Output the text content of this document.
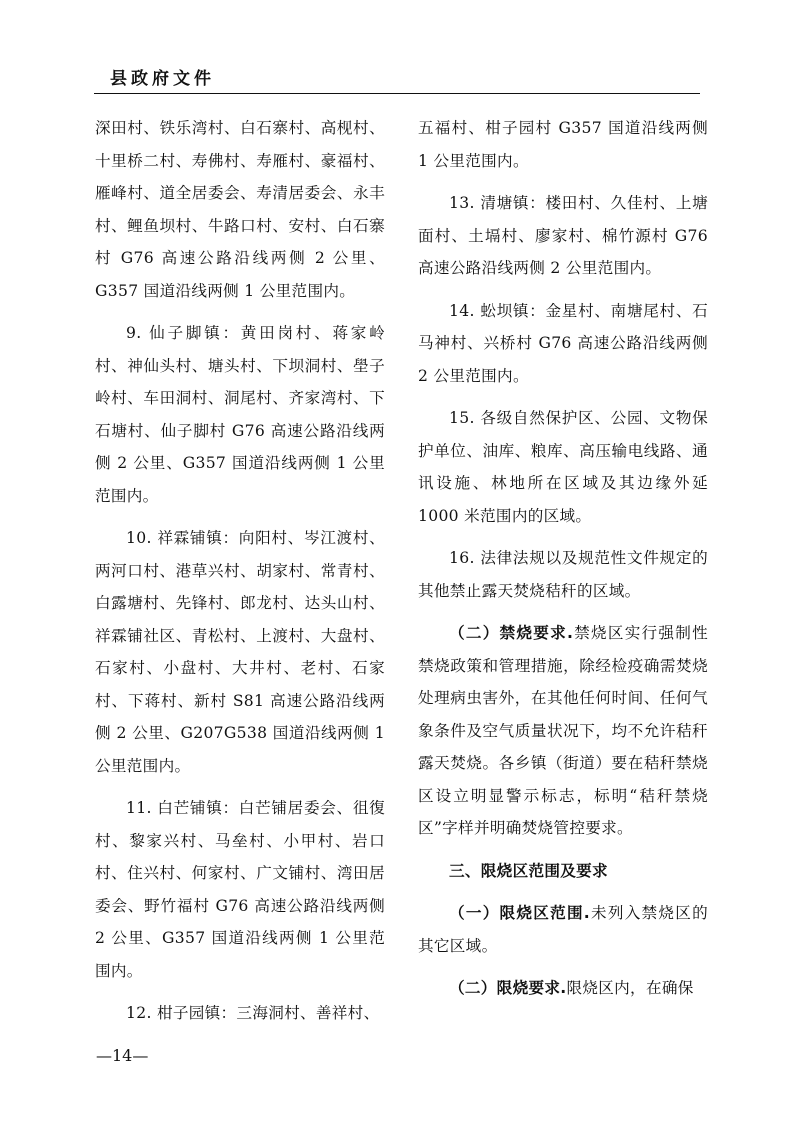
县政府文件

深田村、铁乐湾村、白石寨村、高枧村、十里桥二村、寿佛村、寿雁村、豪福村、雁峰村、道全居委会、寿清居委会、永丰村、鲤鱼坝村、牛路口村、安村、白石寨村 G76 高速公路沿线两侧 2 公里、G357 国道沿线两侧 1 公里范围内。

9. 仙子脚镇：黄田岗村、蒋家岭村、神仙头村、塘头村、下坝洞村、壆子岭村、车田洞村、洞尾村、齐家湾村、下石塘村、仙子脚村 G76 高速公路沿线两侧 2 公里、G357 国道沿线两侧 1 公里范围内。

10. 祥霖铺镇：向阳村、岑江渡村、两河口村、港草兴村、胡家村、常青村、白露塘村、先锋村、郎龙村、达头山村、祥霖铺社区、青松村、上渡村、大盘村、石家村、小盘村、大井村、老村、石家村、下蒋村、新村 S81 高速公路沿线两侧 2 公里、G207G538 国道沿线两侧 1 公里范围内。

11. 白芒铺镇：白芒铺居委会、徂復村、黎家兴村、马垒村、小甲村、岩口村、住兴村、何家村、广文铺村、湾田居委会、野竹福村 G76 高速公路沿线两侧 2 公里、G357 国道沿线两侧 1 公里范围内。

12. 柑子园镇：三海洞村、善祥村、

五福村、柑子园村 G357 国道沿线两侧 1 公里范围内。

13. 清塘镇：楼田村、久佳村、上塘面村、土塥村、廖家村、棉竹源村 G76 高速公路沿线两侧 2 公里范围内。

14. 蚣坝镇：金星村、南塘尾村、石马神村、兴桥村 G76 高速公路沿线两侧 2 公里范围内。

15. 各级自然保护区、公园、文物保护单位、油库、粮库、高压输电线路、通讯设施、林地所在区域及其边缘外延 1000 米范围内的区域。

16. 法律法规以及规范性文件规定的其他禁止露天焚烧秸秆的区域。

（二）禁烧要求.禁烧区实行强制性禁烧政策和管理措施，除经检疫确需焚烧处理病虫害外，在其他任何时间、任何气象条件及空气质量状况下，均不允许秸秆露天焚烧。各乡镇（街道）要在秸秆禁烧区设立明显警示标志，标明“秸秆禁烧区”字样并明确焚烧管控要求。

三、限烧区范围及要求

（一）限烧区范围.未列入禁烧区的其它区域。

（二）限烧要求.限烧区内，在确保

—14—
